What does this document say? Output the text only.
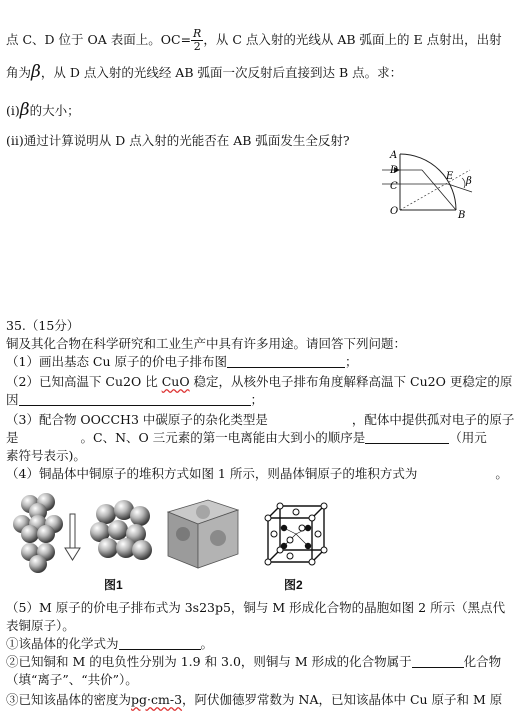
点 C、D 位于 OA 表面上。$OC= \frac{R}{2}$ ，从 C 点入射的光线从 AB 弧面上的 E 点射出，出射
角为β，从 D 点入射的光线经 AB 弧面一次反射后直接到达 B 点。求：
(i)β的大小；
(ii)通过计算说明从 D 点入射的光能否在 AB 弧面发生全反射?
A
D
C
O
E
B
β
35.（15分）
铜及其化合物在科学研究和工业生产中具有许多用途。请回答下列问题：
（1）画出基态 Cu 原子的价电子排布图	；
（2）已知高温下 Cu2O 比 CuO 稳定，从核外电子排布角度解释高温下 Cu2O 更稳定的原
因	；
（3）配合物 OOCCH3 中碳原子的杂化类型是	，配体中提供孤对电子的原子
是	。C、N、O 三元素的第一电离能由大到小的顺序是	（用元
素符号表示)。
（4）铜晶体中铜原子的堆积方式如图 1 所示，则晶体铜原子的堆积方式为	。
图1	图2
（5）M 原子的价电子排布式为 3s23p5，铜与 M 形成化合物的晶胞如图 2 所示（黑点代
表铜原子）。
①该晶体的化学式为	。
②已知铜和 M 的电负性分别为 1.9 和 3.0，则铜与 M 形成的化合物属于	化合物
（填“离子”、“共价”）。
③已知该晶体的密度为pg·cm-3，阿伏伽德罗常数为 NA，已知该晶体中 Cu 原子和 M 原
